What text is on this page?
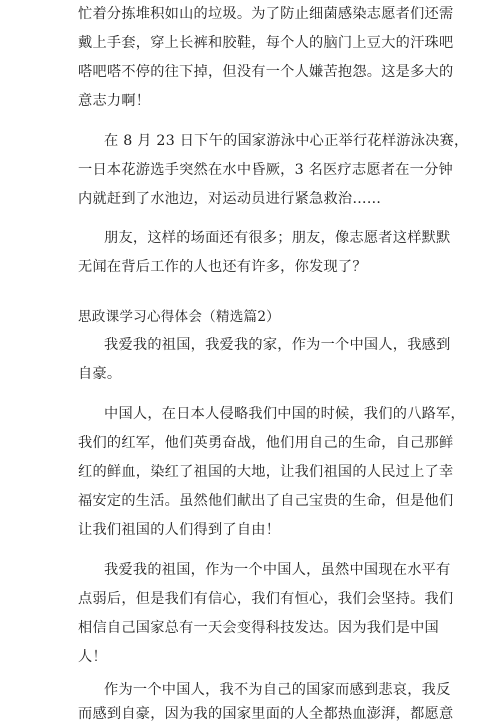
忙着分拣堆积如山的垃圾。为了防止细菌感染志愿者们还需
戴上手套，穿上长裤和胶鞋，每个人的脑门上豆大的汗珠吧
嗒吧嗒不停的往下掉，但没有一个人嫌苦抱怨。这是多大的
意志力啊！
在 8 月 23 日下午的国家游泳中心正举行花样游泳决赛，
一日本花游选手突然在水中昏厥，3 名医疗志愿者在一分钟
内就赶到了水池边，对运动员进行紧急救治……
朋友，这样的场面还有很多；朋友，像志愿者这样默默
无闻在背后工作的人也还有许多，你发现了？
思政课学习心得体会（精选篇2）
我爱我的祖国，我爱我的家，作为一个中国人，我感到
自豪。
中国人，在日本人侵略我们中国的时候，我们的八路军，
我们的红军，他们英勇奋战，他们用自己的生命，自己那鲜
红的鲜血，染红了祖国的大地，让我们祖国的人民过上了幸
福安定的生活。虽然他们献出了自己宝贵的生命，但是他们
让我们祖国的人们得到了自由！
我爱我的祖国，作为一个中国人，虽然中国现在水平有
点弱后，但是我们有信心，我们有恒心，我们会坚持。我们
相信自己国家总有一天会变得科技发达。因为我们是中国
人！
作为一个中国人，我不为自己的国家而感到悲哀，我反
而感到自豪，因为我的国家里面的人全都热血澎湃，都愿意
